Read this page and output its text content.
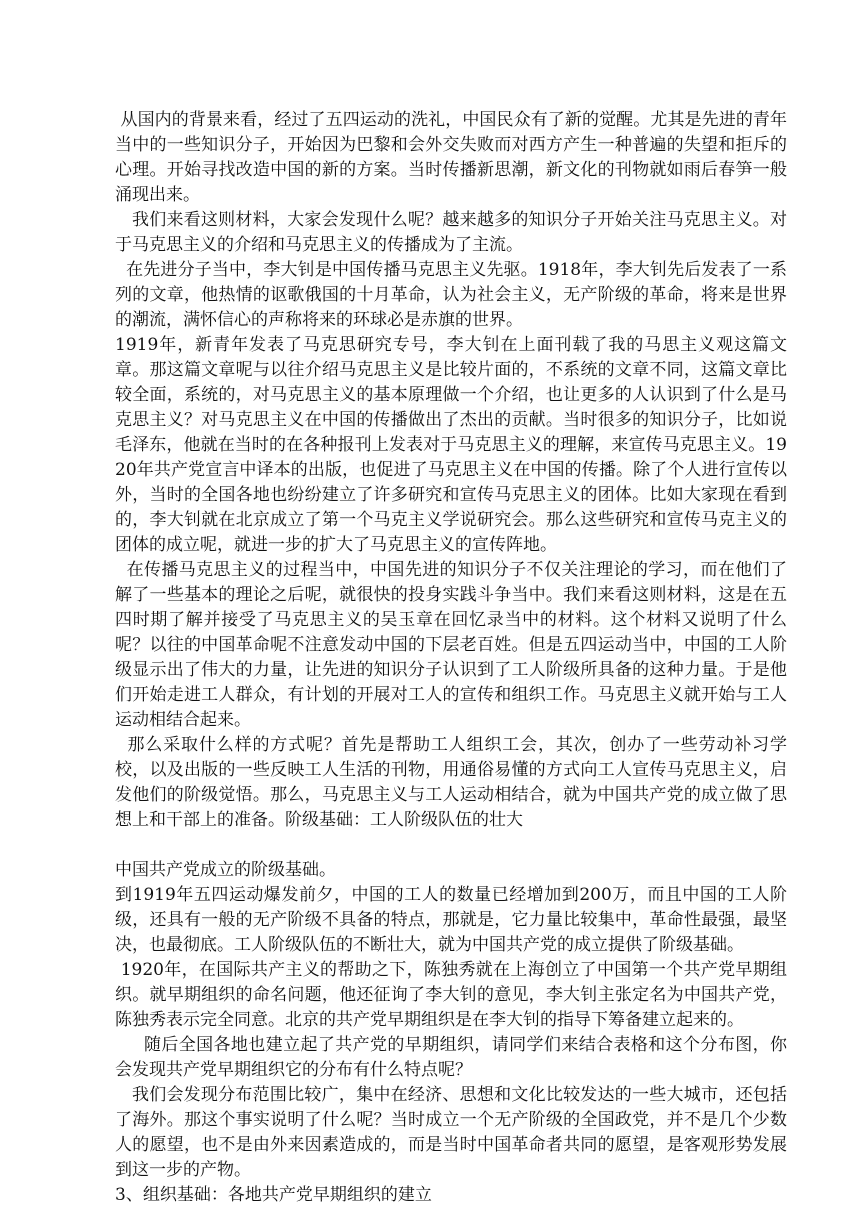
从国内的背景来看，经过了五四运动的洗礼，中国民众有了新的觉醒。尤其是先进的青年当中的一些知识分子，开始因为巴黎和会外交失败而对西方产生一种普遍的失望和拒斥的心理。开始寻找改造中国的新的方案。当时传播新思潮，新文化的刊物就如雨后春笋一般涌现出来。

我们来看这则材料，大家会发现什么呢？越来越多的知识分子开始关注马克思主义。对于马克思主义的介绍和马克思主义的传播成为了主流。

在先进分子当中，李大钊是中国传播马克思主义先驱。1918年，李大钊先后发表了一系列的文章，他热情的讴歌俄国的十月革命，认为社会主义，无产阶级的革命，将来是世界的潮流，满怀信心的声称将来的环球必是赤旗的世界。

1919年，新青年发表了马克思研究专号，李大钊在上面刊载了我的马思主义观这篇文章。那这篇文章呢与以往介绍马克思主义是比较片面的，不系统的文章不同，这篇文章比较全面，系统的，对马克思主义的基本原理做一个介绍，也让更多的人认识到了什么是马克思主义？对马克思主义在中国的传播做出了杰出的贡献。当时很多的知识分子，比如说毛泽东，他就在当时的在各种报刊上发表对于马克思主义的理解，来宣传马克思主义。1920年共产党宣言中译本的出版，也促进了马克思主义在中国的传播。除了个人进行宣传以外，当时的全国各地也纷纷建立了许多研究和宣传马克思主义的团体。比如大家现在看到的，李大钊就在北京成立了第一个马克主义学说研究会。那么这些研究和宣传马克主义的团体的成立呢，就进一步的扩大了马克思主义的宣传阵地。

在传播马克思主义的过程当中，中国先进的知识分子不仅关注理论的学习，而在他们了解了一些基本的理论之后呢，就很快的投身实践斗争当中。我们来看这则材料，这是在五四时期了解并接受了马克思主义的吴玉章在回忆录当中的材料。这个材料又说明了什么呢？以往的中国革命呢不注意发动中国的下层老百姓。但是五四运动当中，中国的工人阶级显示出了伟大的力量，让先进的知识分子认识到了工人阶级所具备的这种力量。于是他们开始走进工人群众，有计划的开展对工人的宣传和组织工作。马克思主义就开始与工人运动相结合起来。

那么采取什么样的方式呢？首先是帮助工人组织工会，其次，创办了一些劳动补习学校，以及出版的一些反映工人生活的刊物，用通俗易懂的方式向工人宣传马克思主义，启发他们的阶级觉悟。那么，马克思主义与工人运动相结合，就为中国共产党的成立做了思想上和干部上的准备。阶级基础：工人阶级队伍的壮大

中国共产党成立的阶级基础。

到1919年五四运动爆发前夕，中国的工人的数量已经增加到200万，而且中国的工人阶级，还具有一般的无产阶级不具备的特点，那就是，它力量比较集中，革命性最强，最坚决，也最彻底。工人阶级队伍的不断壮大，就为中国共产党的成立提供了阶级基础。

1920年，在国际共产主义的帮助之下，陈独秀就在上海创立了中国第一个共产党早期组织。就早期组织的命名问题，他还征询了李大钊的意见，李大钊主张定名为中国共产党，陈独秀表示完全同意。北京的共产党早期组织是在李大钊的指导下筹备建立起来的。

随后全国各地也建立起了共产党的早期组织，请同学们来结合表格和这个分布图，你会发现共产党早期组织它的分布有什么特点呢？

我们会发现分布范围比较广，集中在经济、思想和文化比较发达的一些大城市，还包括了海外。那这个事实说明了什么呢？当时成立一个无产阶级的全国政党，并不是几个少数人的愿望，也不是由外来因素造成的，而是当时中国革命者共同的愿望，是客观形势发展到这一步的产物。

3、组织基础：各地共产党早期组织的建立
